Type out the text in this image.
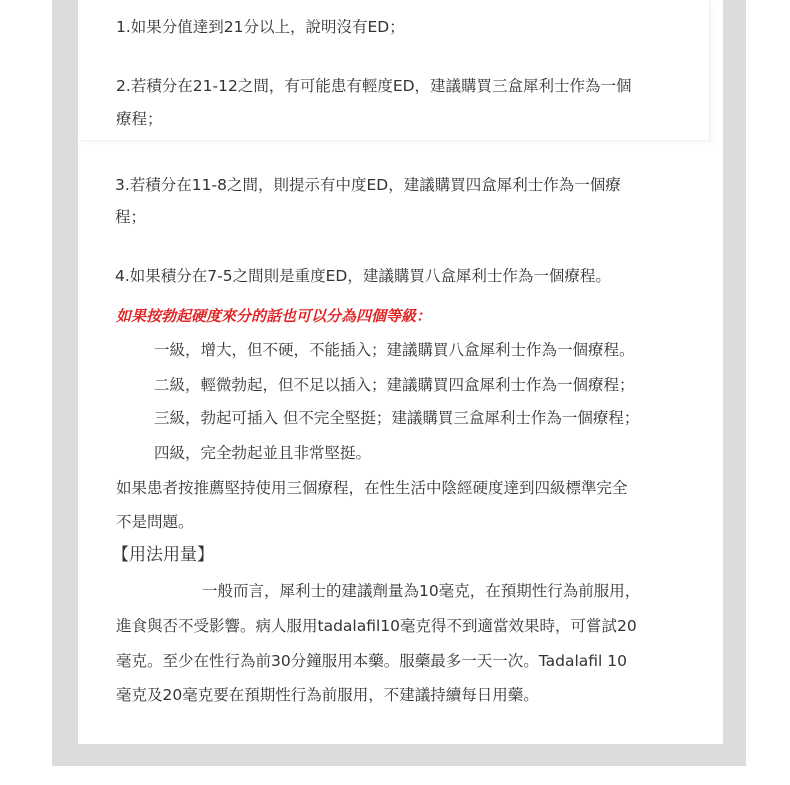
1.如果分值達到21分以上，說明沒有ED；

2.若積分在21-12之間，有可能患有輕度ED，建議購買三盒犀利士作為一個

療程；

3.若積分在11-8之間，則提示有中度ED，建議購買四盒犀利士作為一個療

程；

4.如果積分在7-5之間則是重度ED，建議購買八盒犀利士作為一個療程。

如果按勃起硬度來分的話也可以分為四個等級：

一級，增大，但不硬，不能插入；建議購買八盒犀利士作為一個療程。

二級，輕微勃起，但不足以插入；建議購買四盒犀利士作為一個療程；

三級，勃起可插入 但不完全堅挺；建議購買三盒犀利士作為一個療程；

四級，完全勃起並且非常堅挺。

如果患者按推薦堅持使用三個療程，在性生活中陰經硬度達到四級標準完全

不是問題。

【用法用量】

一般而言，犀利士的建議劑量為10毫克，在預期性行為前服用，

進食與否不受影響。病人服用tadalafil10毫克得不到適當效果時，可嘗試20

毫克。至少在性行為前30分鐘服用本藥。服藥最多一天一次。Tadalafil 10

毫克及20毫克要在預期性行為前服用，不建議持續每日用藥。
